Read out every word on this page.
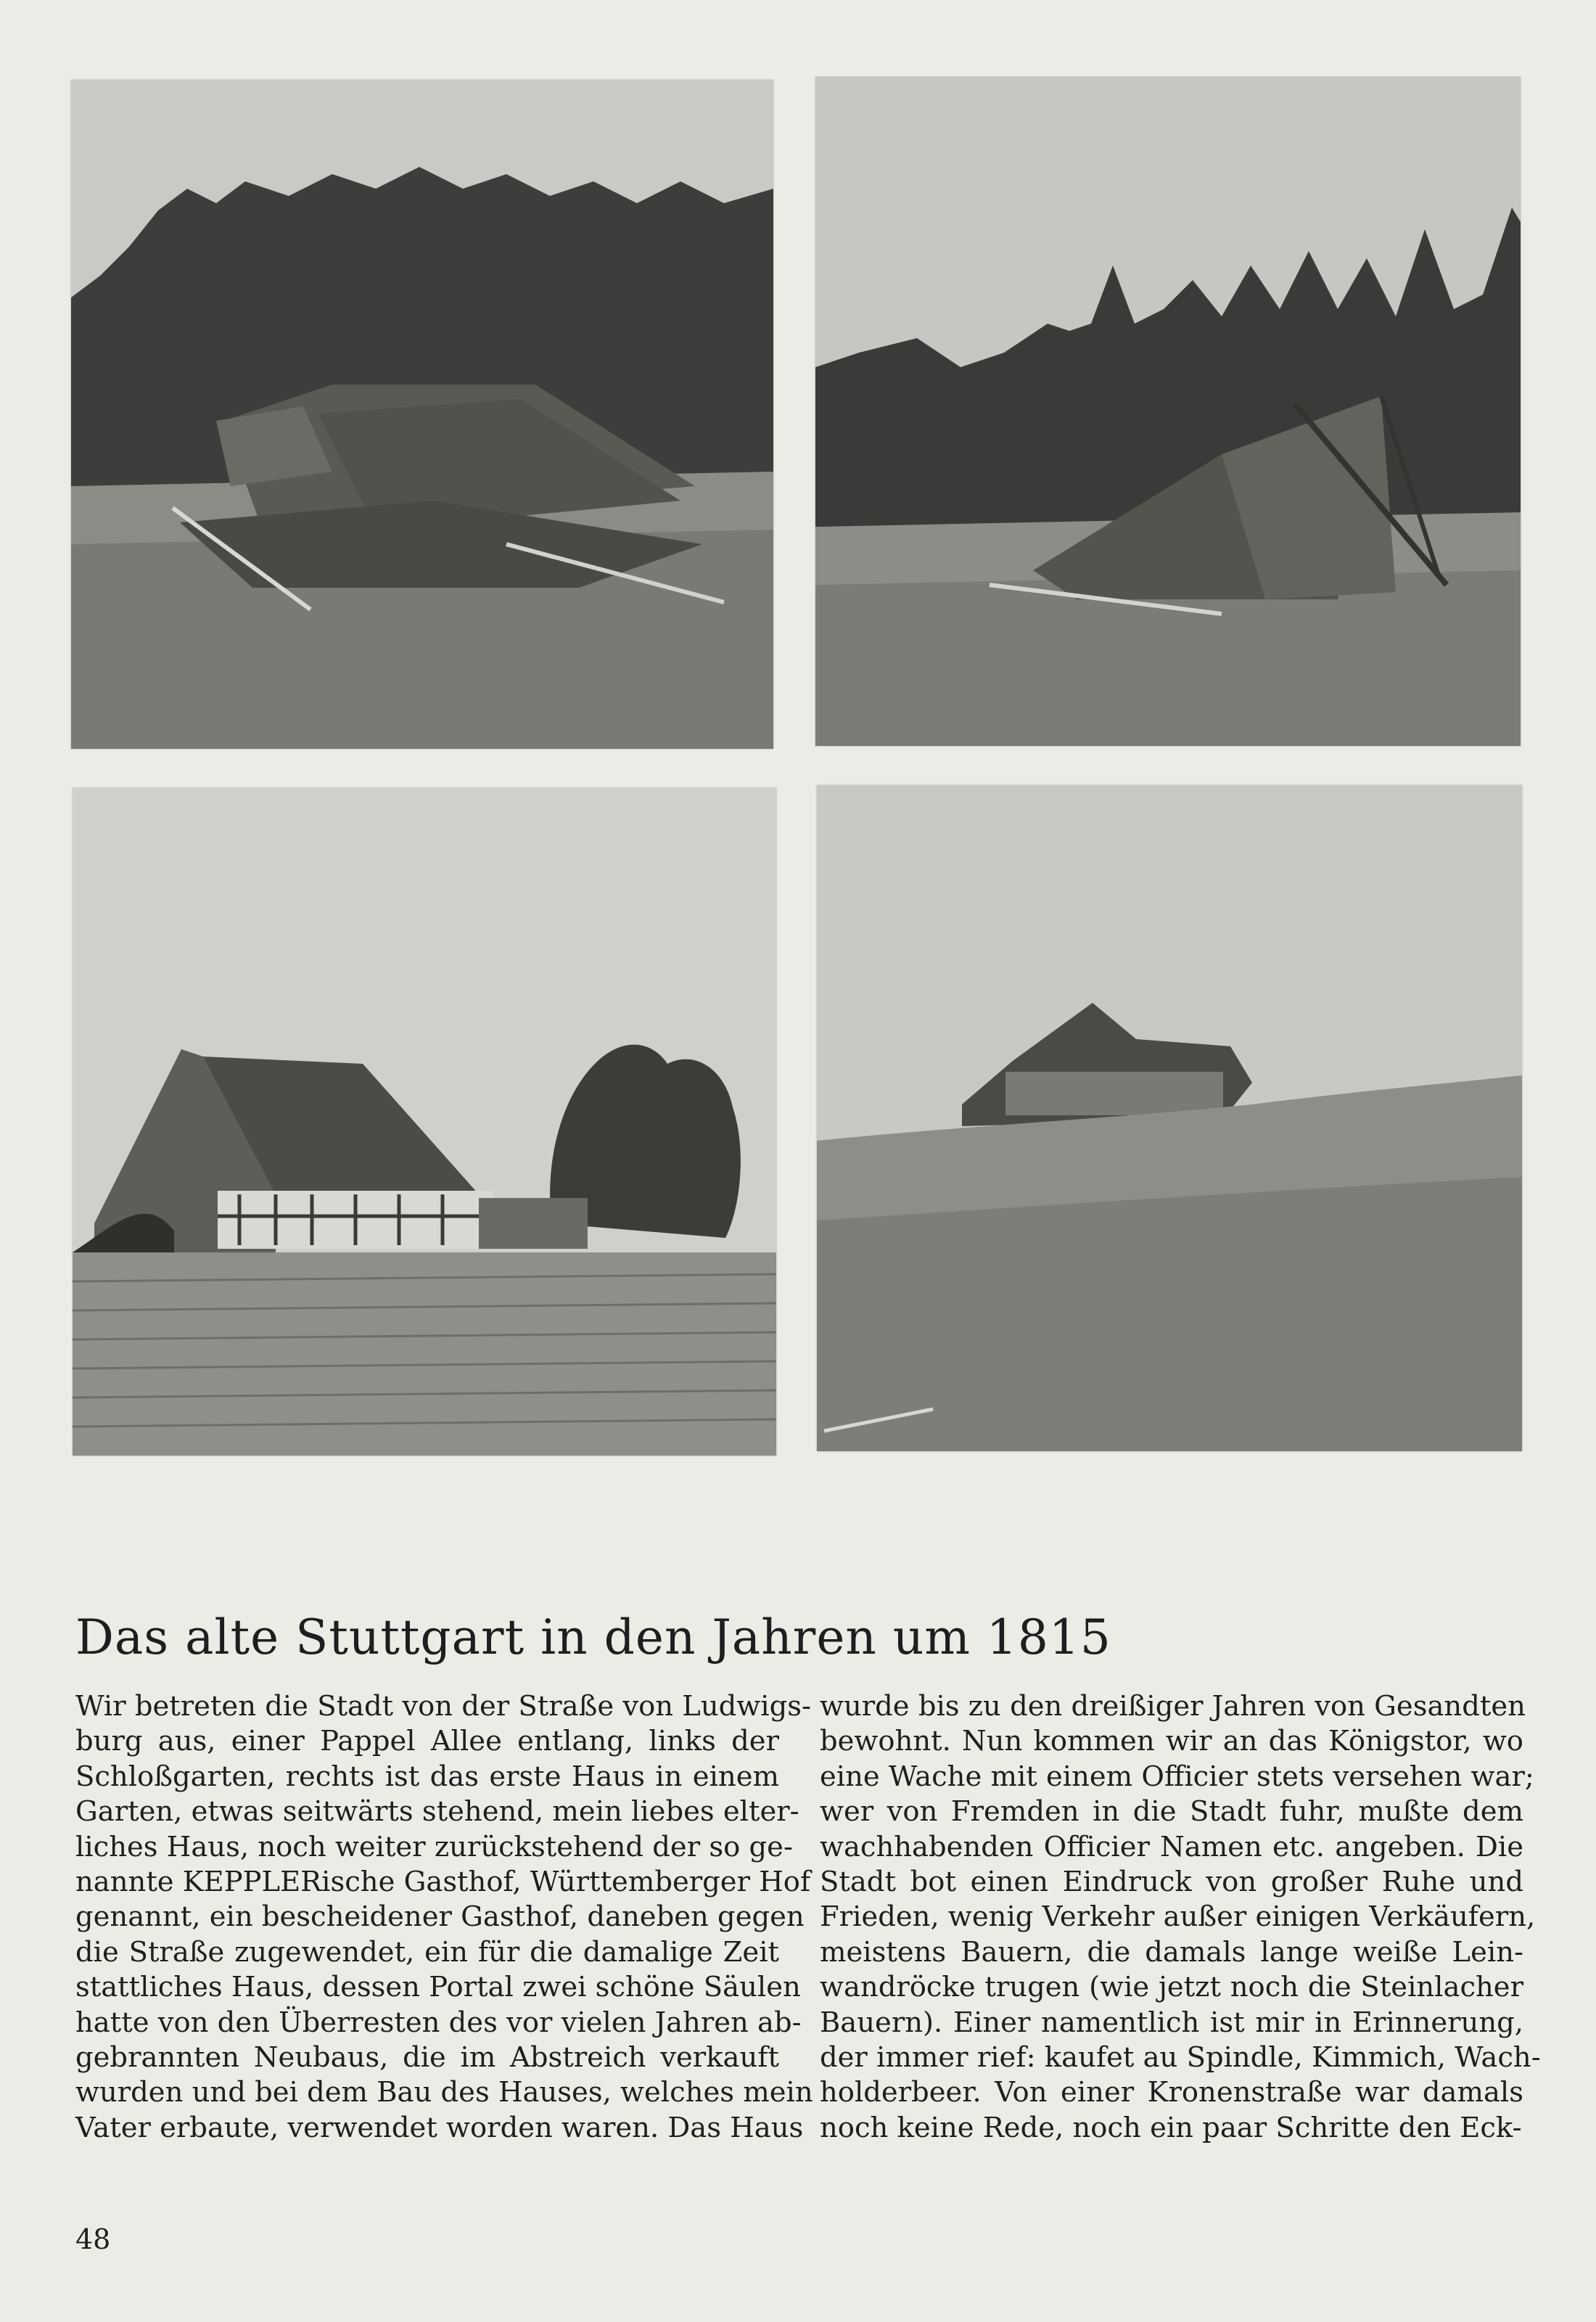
Das alte Stuttgart in den Jahren um 1815
Wir betreten die Stadt von der Straße von Ludwigs-
burg aus, einer Pappel Allee entlang, links der
Schloßgarten, rechts ist das erste Haus in einem
Garten, etwas seitwärts stehend, mein liebes elter-
liches Haus, noch weiter zurückstehend der so ge-
nannte KEPPLERische Gasthof, Württemberger Hof
genannt, ein bescheidener Gasthof, daneben gegen
die Straße zugewendet, ein für die damalige Zeit
stattliches Haus, dessen Portal zwei schöne Säulen
hatte von den Überresten des vor vielen Jahren ab-
gebrannten Neubaus, die im Abstreich verkauft
wurden und bei dem Bau des Hauses, welches mein
Vater erbaute, verwendet worden waren. Das Haus
wurde bis zu den dreißiger Jahren von Gesandten
bewohnt. Nun kommen wir an das Königstor, wo
eine Wache mit einem Officier stets versehen war;
wer von Fremden in die Stadt fuhr, mußte dem
wachhabenden Officier Namen etc. angeben. Die
Stadt bot einen Eindruck von großer Ruhe und
Frieden, wenig Verkehr außer einigen Verkäufern,
meistens Bauern, die damals lange weiße Lein-
wandröcke trugen (wie jetzt noch die Steinlacher
Bauern). Einer namentlich ist mir in Erinnerung,
der immer rief: kaufet au Spindle, Kimmich, Wach-
holderbeer. Von einer Kronenstraße war damals
noch keine Rede, noch ein paar Schritte den Eck-

48
